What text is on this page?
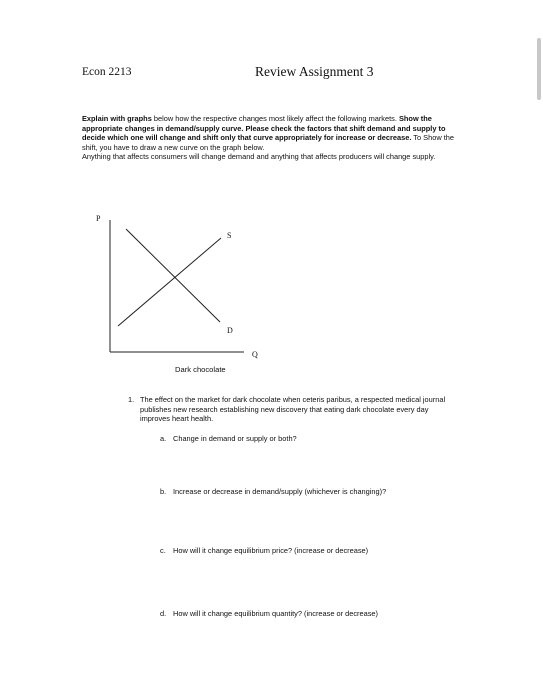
Econ 2213	Review Assignment 3

Explain with graphs below how the respective changes most likely affect the following markets. Show the appropriate changes in demand/supply curve. Please check the factors that shift demand and supply to decide which one will change and shift only that curve appropriately for increase or decrease. To Show the shift, you have to draw a new curve on the graph below.

Anything that affects consumers will change demand and anything that affects producers will change supply.

P
Q
S
D
Dark chocolate
1. The effect on the market for dark chocolate when ceteris paribus, a respected medical journal publishes new research establishing new discovery that eating dark chocolate every day improves heart health.
a. Change in demand or supply or both?
b. Increase or decrease in demand/supply (whichever is changing)?
c. How will it change equilibrium price? (increase or decrease)
d. How will it change equilibrium quantity? (increase or decrease)
